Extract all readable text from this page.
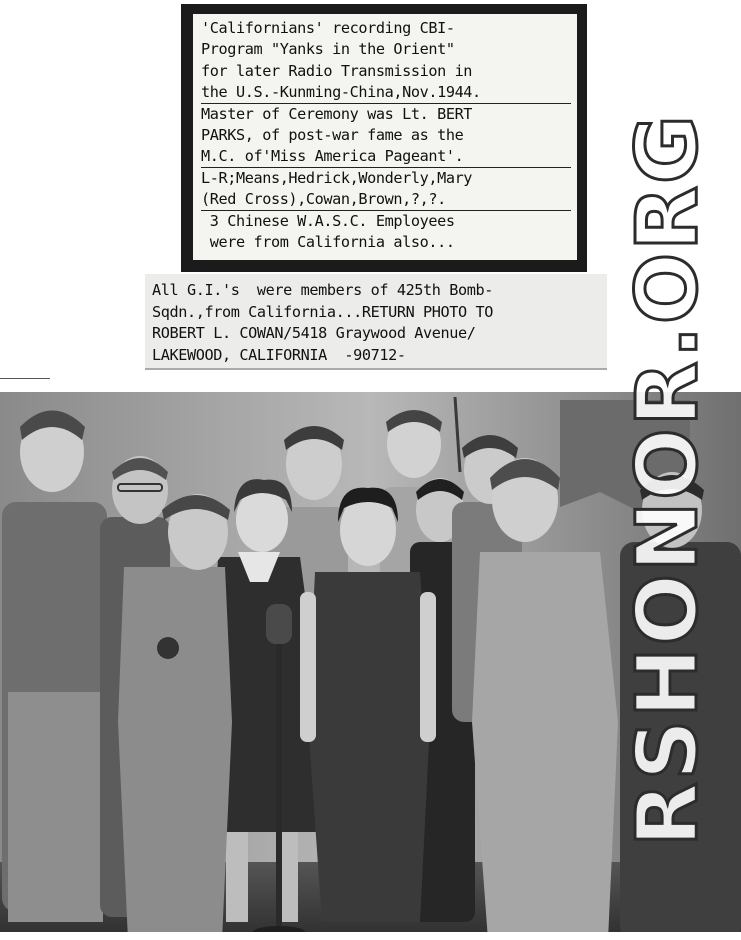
'Californians' recording CBI-
Program "Yanks in the Orient"
for later Radio Transmission in
the U.S.-Kunming-China,Nov.1944.
Master of Ceremony was Lt. BERT
PARKS, of post-war fame as the
M.C. of'Miss America Pageant'.
L-R;Means,Hedrick,Wonderly,Mary
(Red Cross),Cowan,Brown,?,?.
3 Chinese W.A.S.C. Employees
were from California also...
All G.I.'s  were members of 425th Bomb-
Sqdn.,from California...RETURN PHOTO TO
ROBERT L. COWAN/5418 Graywood Avenue/
LAKEWOOD, CALIFORNIA  -90712-	RSHONOR.ORG
